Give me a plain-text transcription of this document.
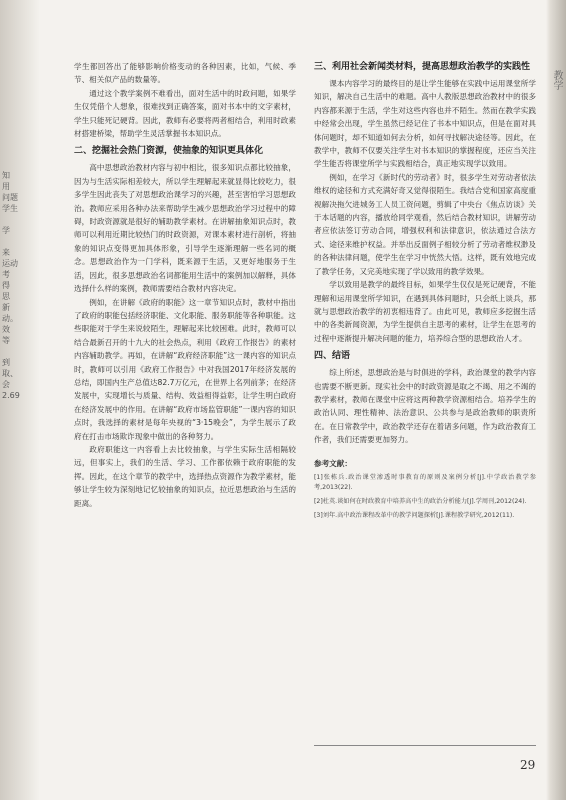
知
用
问题
学生

学

来
运动
考
得
思
新
动。
效
等

到
取、
会
2.69
教学

学生都回答出了能够影响价格变动的各种因素，比如，气候、季节、相关似产品的数量等。

通过这个教学案例不难看出，面对生活中的时政问题，如果学生仅凭借个人想象，很难找到正确答案，面对书本中的文字素材，学生只能死记硬背。因此，教师有必要将两者相结合，利用时政素材搭建桥梁，帮助学生灵活掌握书本知识点。

二、挖掘社会热门资源，使抽象的知识更具体化

高中思想政治教材内容与初中相比，很多知识点都比较抽象，因为与生活实际相差较大，所以学生理解起来就显得比较吃力，很多学生因此丧失了对思想政治课学习的兴趣，甚至害怕学习思想政治。教师应采用各种办法来帮助学生减少思想政治学习过程中的障碍，时政资源就是很好的辅助教学素材。在讲解抽象知识点时，教师可以利用近期比较热门的时政资源，对课本素材进行剖析，将抽象的知识点变得更加具体形象，引导学生逐渐理解一些名词的概念。思想政治作为一门学科，既来源于生活，又更好地服务于生活，因此，很多思想政治名词都能用生活中的案例加以解释，具体选择什么样的案例，教师需要结合教材内容决定。

例如，在讲解《政府的职能》这一章节知识点时，教材中指出了政府的职能包括经济职能、文化职能、服务职能等各种职能。这些职能对于学生来说较陌生，理解起来比较困难。此时，教师可以结合最新召开的十九大的社会热点，利用《政府工作报告》的素材内容辅助教学。再如，在讲解“政府经济职能”这一课内容的知识点时，教师可以引用《政府工作报告》中对我国2017年经济发展的总结，即国内生产总值达82.7万亿元，在世界上名列前茅；在经济发展中，实现增长与质量、结构、效益相得益彰，让学生明白政府在经济发展中的作用。在讲解“政府市场监管职能”一课内容的知识点时，我选择的素材是每年央视的“3·15晚会”，为学生展示了政府在打击市场欺诈现象中做出的各种努力。

政府职能这一内容看上去比较抽象，与学生实际生活相隔较远，但事实上，我们的生活、学习、工作都依赖于政府职能的发挥。因此，在这个章节的教学中，选择热点资源作为教学素材，能够让学生较为深刻地记忆较抽象的知识点，拉近思想政治与生活的距离。

三、利用社会新闻类材料，提高思想政治教学的实践性

课本内容学习的最终目的是让学生能够在实践中运用课堂所学知识，解决自己生活中的难题。高中人教版思想政治教材中的很多内容都来源于生活，学生对这些内容也并不陌生。然而在教学实践中经常会出现，学生虽然已经记住了书本中知识点，但是在面对具体问题时，却不知道如何去分析，如何寻找解决途径等。因此，在教学中，教师不仅要关注学生对书本知识的掌握程度，还应当关注学生能否将课堂所学与实践相结合，真正地实现学以致用。

例如，在学习《新时代的劳动者》时，很多学生对劳动者依法维权的途径和方式充满好奇又觉得很陌生。我结合党和国家高度重视解决拖欠进城务工人员工资问题，剪辑了中央台《焦点访谈》关于本话题的内容，播放给同学观看，然后结合教材知识，讲解劳动者应依法签订劳动合同，增强权利和法律意识，依法通过合法方式、途径来维护权益。并举出反面例子相较分析了劳动者维权渺及的各种法律问题，使学生在学习中恍然大悟。这样，既有效地完成了教学任务，又完美地实现了学以致用的教学效果。

学以致用是教学的最终目标，如果学生仅仅是死记硬背，不能理解和运用课堂所学知识，在遇到具体问题时，只会纸上谈兵，那就与思想政治教学的初衷相违背了。由此可见，教师应多挖掘生活中的各类新闻资源，为学生提供自主思考的素材，让学生在思考的过程中逐渐提升解决问题的能力，培养综合型的思想政治人才。

四、结语

综上所述，思想政治是与时俱进的学科，政治课堂的教学内容也需要不断更新。现实社会中的时政资源是取之不竭、用之不竭的教学素材，教师在课堂中应将这两种教学资源相结合。培养学生的政治认同、理性精神、法治意识、公共参与是政治教师的职责所在。在日常教学中，政治教学还存在着诸多问题，作为政治教育工作者，我们还需要更加努力。

参考文献：
[1]张栋兵.政治课堂渗透时事教育的原则及案例分析[J].中学政治教学参考,2013(22).
[2]杜英.谈如何在时政教育中培养高中生的政治分析能力[J].学周刊,2012(24).
[3]刘年.高中政治课程改革中的教学问题探析[J].课程教学研究,2012(11).
29
